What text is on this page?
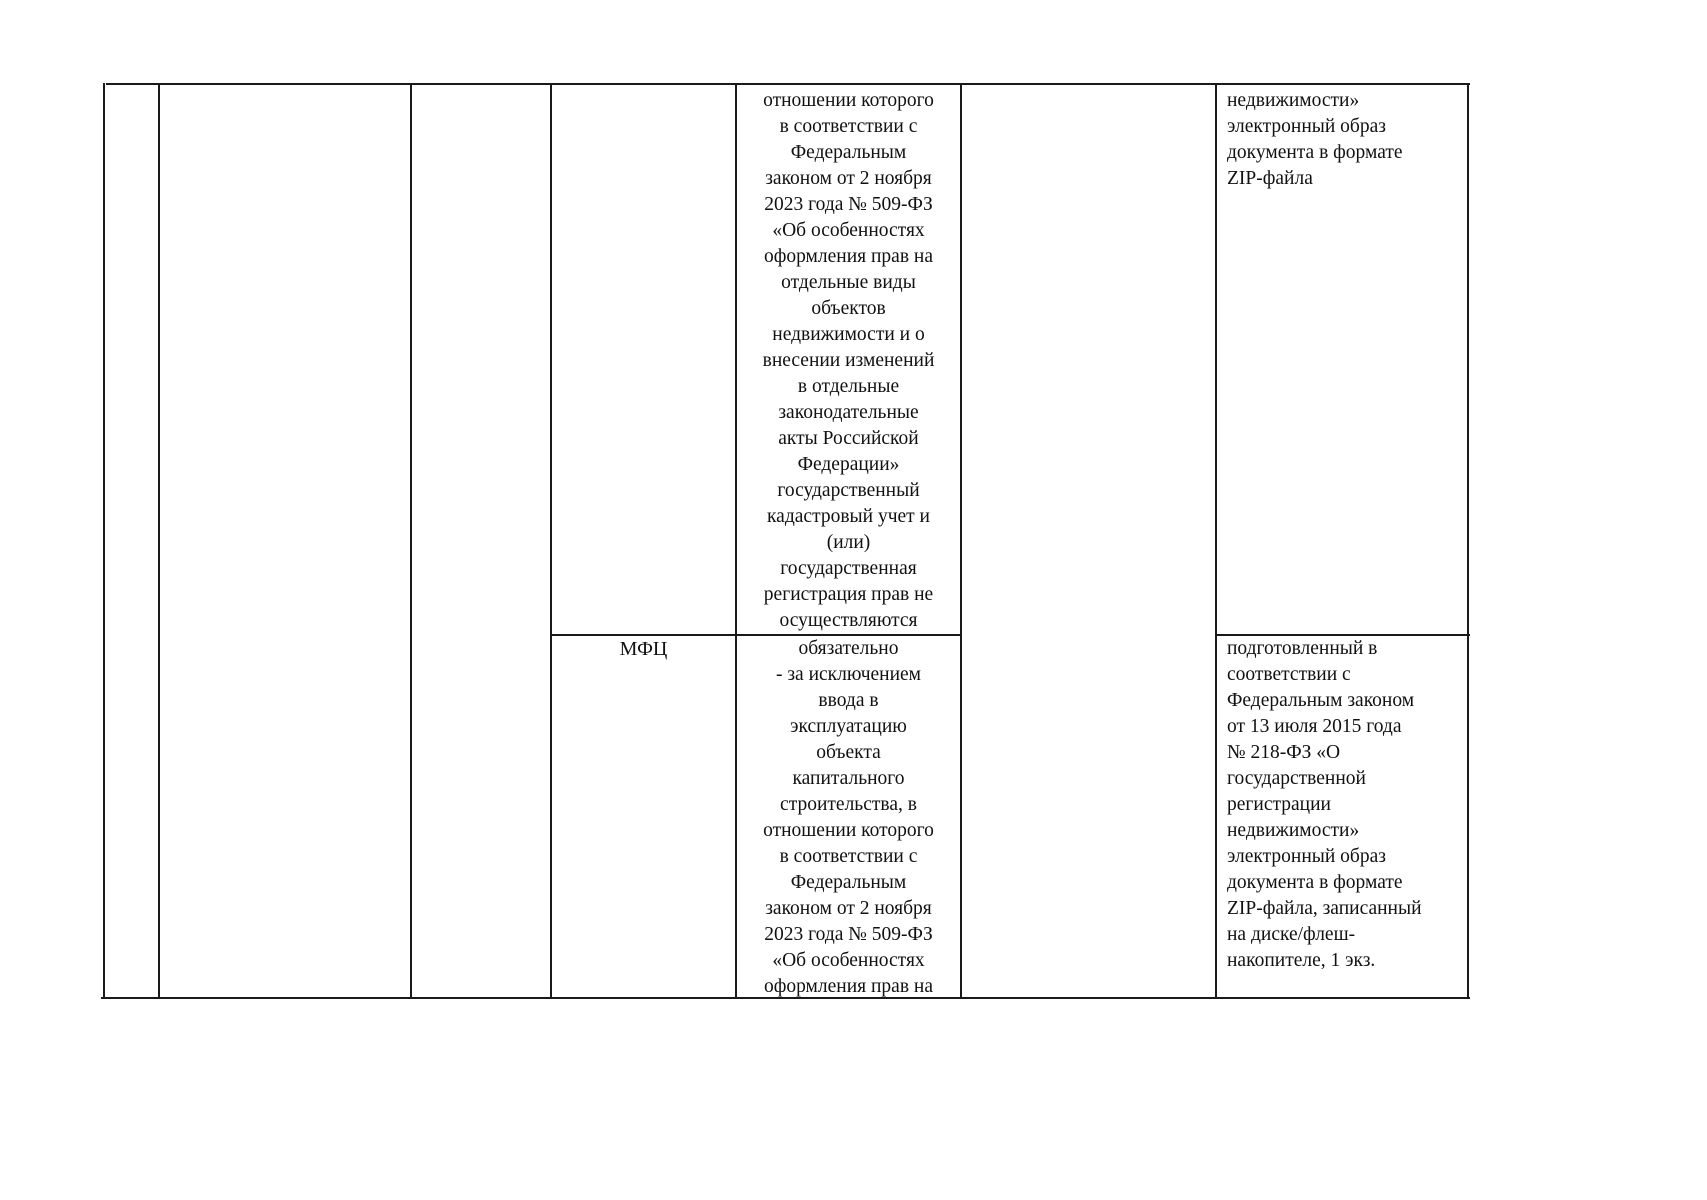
отношении которого
в соответствии с
Федеральным
законом от 2 ноября
2023 года № 509-ФЗ
«Об особенностях
оформления прав на
отдельные виды
объектов
недвижимости и о
внесении изменений
в отдельные
законодательные
акты Российской
Федерации»
государственный
кадастровый учет и
(или)
государственная
регистрация прав не
осуществляются
недвижимости»
электронный образ
документа в формате
ZIP-файла
МФЦ	обязательно
- за исключением
ввода в
эксплуатацию
объекта
капитального
строительства, в
отношении которого
в соответствии с
Федеральным
законом от 2 ноября
2023 года № 509-ФЗ
«Об особенностях
оформления прав на
подготовленный в
соответствии с
Федеральным законом
от 13 июля 2015 года
№ 218-ФЗ «О
государственной
регистрации
недвижимости»
электронный образ
документа в формате
ZIP-файла, записанный
на диске/флеш-
накопителе, 1 экз.
